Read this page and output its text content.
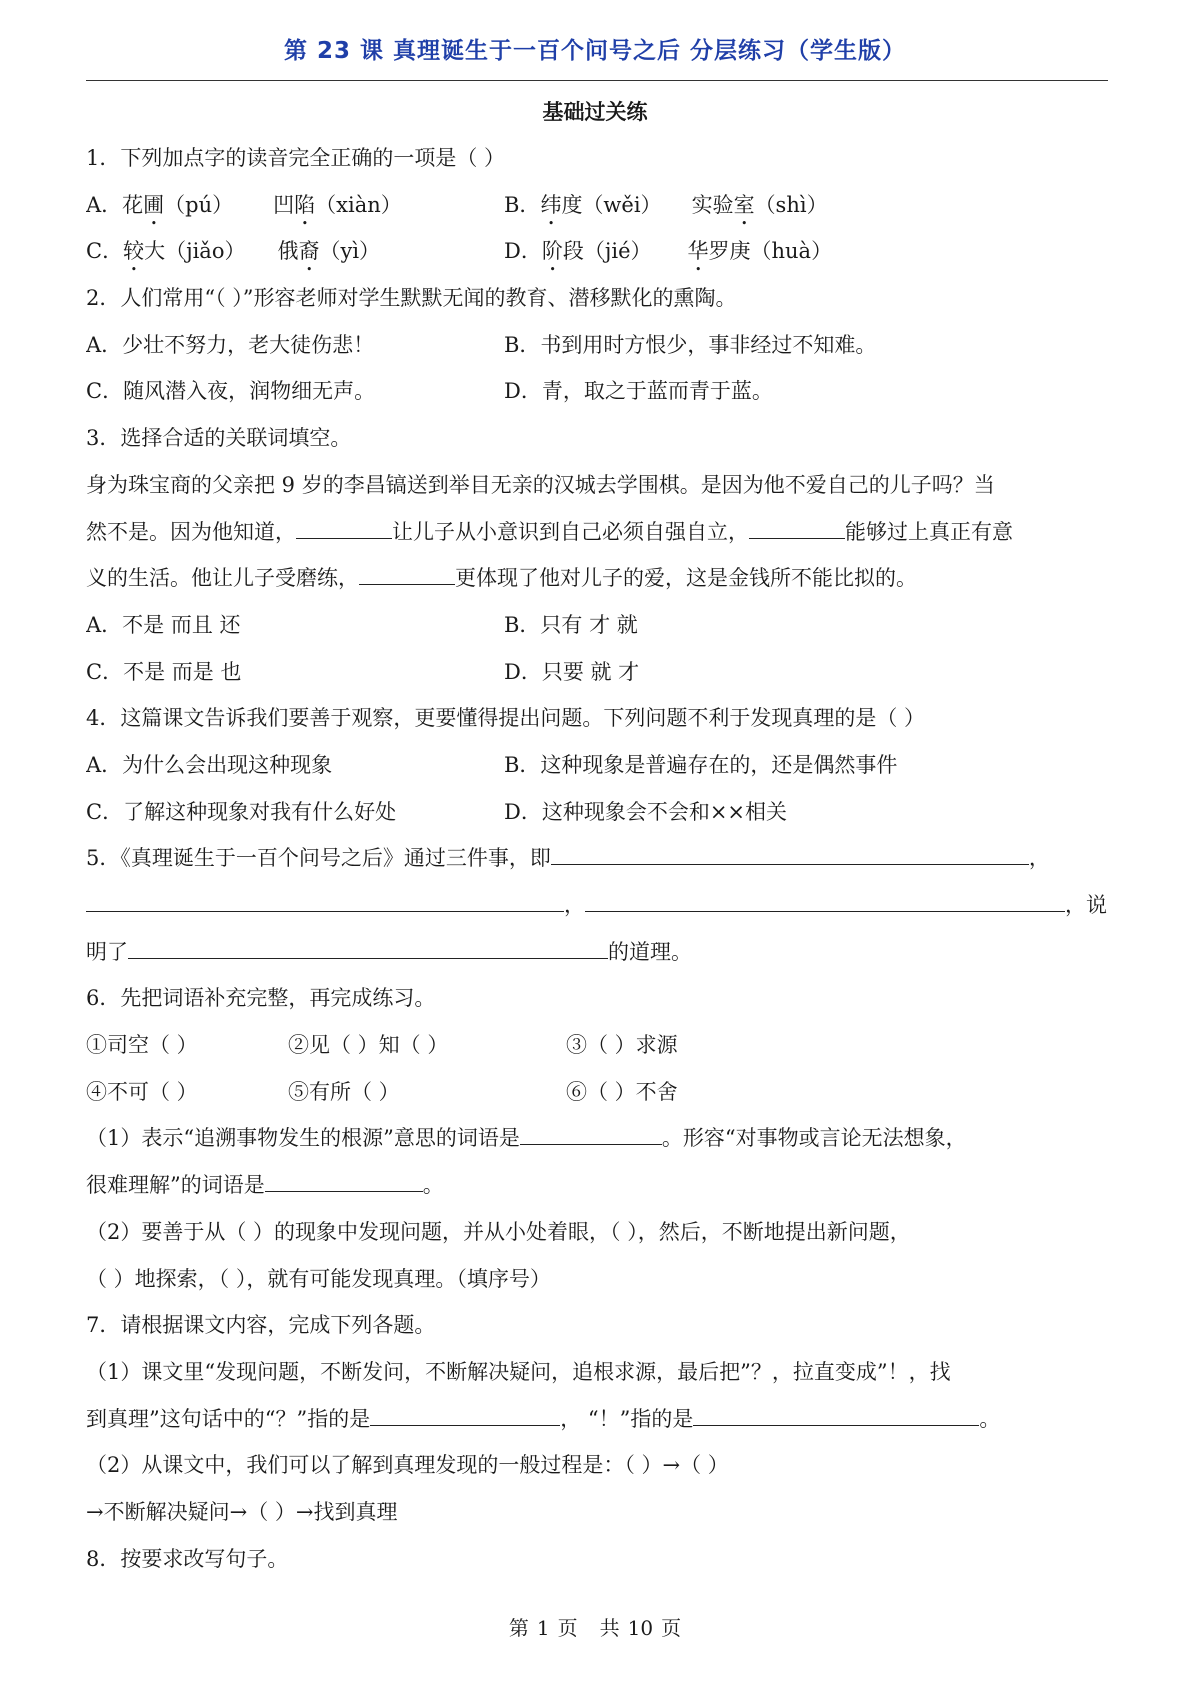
第 23 课 真理诞生于一百个问号之后 分层练习（学生版）
基础过关练
1．下列加点字的读音完全正确的一项是（ ）
A．花圃（pú） 凹陷（xiàn）	B．纬度（wěi） 实验室（shì）
C．较大（jiǎo） 俄裔（yì）	D．阶段（jié） 华罗庚（huà）
2．人们常用“（ ）”形容老师对学生默默无闻的教育、潜移默化的熏陶。
A．少壮不努力，老大徒伤悲！	B．书到用时方恨少，事非经过不知难。
C．随风潜入夜，润物细无声。	D．青，取之于蓝而青于蓝。
3．选择合适的关联词填空。
身为珠宝商的父亲把 9 岁的李昌镐送到举目无亲的汉城去学围棋。是因为他不爱自己的儿子吗？当
然不是。因为他知道，	让儿子从小意识到自己必须自强自立，	能够过上真正有意
义的生活。他让儿子受磨练，	更体现了他对儿子的爱，这是金钱所不能比拟的。
A．不是 而且 还	B．只有 才 就
C．不是 而是 也	D．只要 就 才
4．这篇课文告诉我们要善于观察，更要懂得提出问题。下列问题不利于发现真理的是（ ）
A．为什么会出现这种现象	B．这种现象是普遍存在的，还是偶然事件
C．了解这种现象对我有什么好处	D．这种现象会不会和××相关
5．《真理诞生于一百个问号之后》通过三件事，即	，
，	，说
明了	的道理。
6．先把词语补充完整，再完成练习。
①司空（ ）	②见（ ）知（ ）	③（ ）求源
④不可（ ）	⑤有所（ ）	⑥（ ）不舍
（1）表示“追溯事物发生的根源”意思的词语是	。形容“对事物或言论无法想象，
很难理解”的词语是	。
（2）要善于从（ ）的现象中发现问题，并从小处着眼，（ ），然后，不断地提出新问题，
（ ）地探索，（ ），就有可能发现真理。（填序号）
7．请根据课文内容，完成下列各题。
（1）课文里“发现问题，不断发问，不断解决疑问，追根求源，最后把”？，拉直变成”！，找
到真理”这句话中的“？”指的是	， “！”指的是	。
（2）从课文中，我们可以了解到真理发现的一般过程是：（ ）→（ ）
→不断解决疑问→（ ）→找到真理
8．按要求改写句子。
第 1 页 共 10 页
